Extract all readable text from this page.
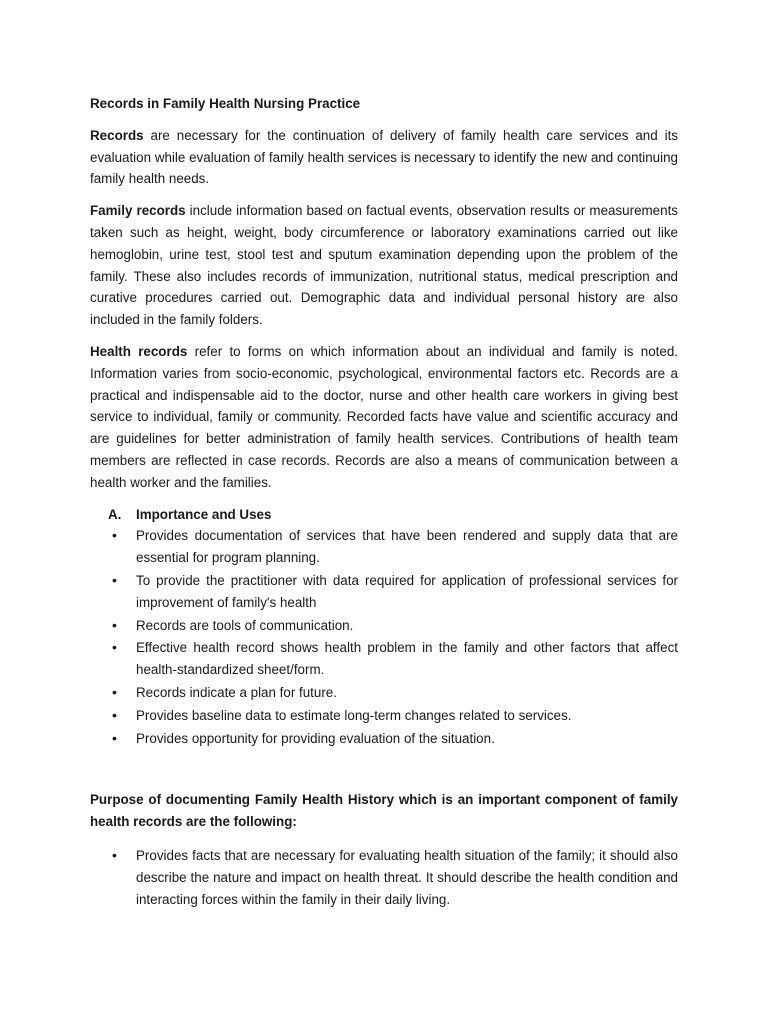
Records in Family Health Nursing Practice

Records are necessary for the continuation of delivery of family health care services and its evaluation while evaluation of family health services is necessary to identify the new and continuing family health needs.

Family records include information based on factual events, observation results or measurements taken such as height, weight, body circumference or laboratory examinations carried out like hemoglobin, urine test, stool test and sputum examination depending upon the problem of the family. These also includes records of immunization, nutritional status, medical prescription and curative procedures carried out. Demographic data and individual personal history are also included in the family folders.

Health records refer to forms on which information about an individual and family is noted. Information varies from socio-economic, psychological, environmental factors etc. Records are a practical and indispensable aid to the doctor, nurse and other health care workers in giving best service to individual, family or community. Recorded facts have value and scientific accuracy and are guidelines for better administration of family health services. Contributions of health team members are reflected in case records. Records are also a means of communication between a health worker and the families.

A.	Importance and Uses
•	Provides documentation of services that have been rendered and supply data that are essential for program planning.
•	To provide the practitioner with data required for application of professional services for improvement of family's health
•	Records are tools of communication.
•	Effective health record shows health problem in the family and other factors that affect health-standardized sheet/form.
•	Records indicate a plan for future.
•	Provides baseline data to estimate long-term changes related to services.
•	Provides opportunity for providing evaluation of the situation.

Purpose of documenting Family Health History which is an important component of family health records are the following:

•	Provides facts that are necessary for evaluating health situation of the family; it should also describe the nature and impact on health threat. It should describe the health condition and interacting forces within the family in their daily living.
